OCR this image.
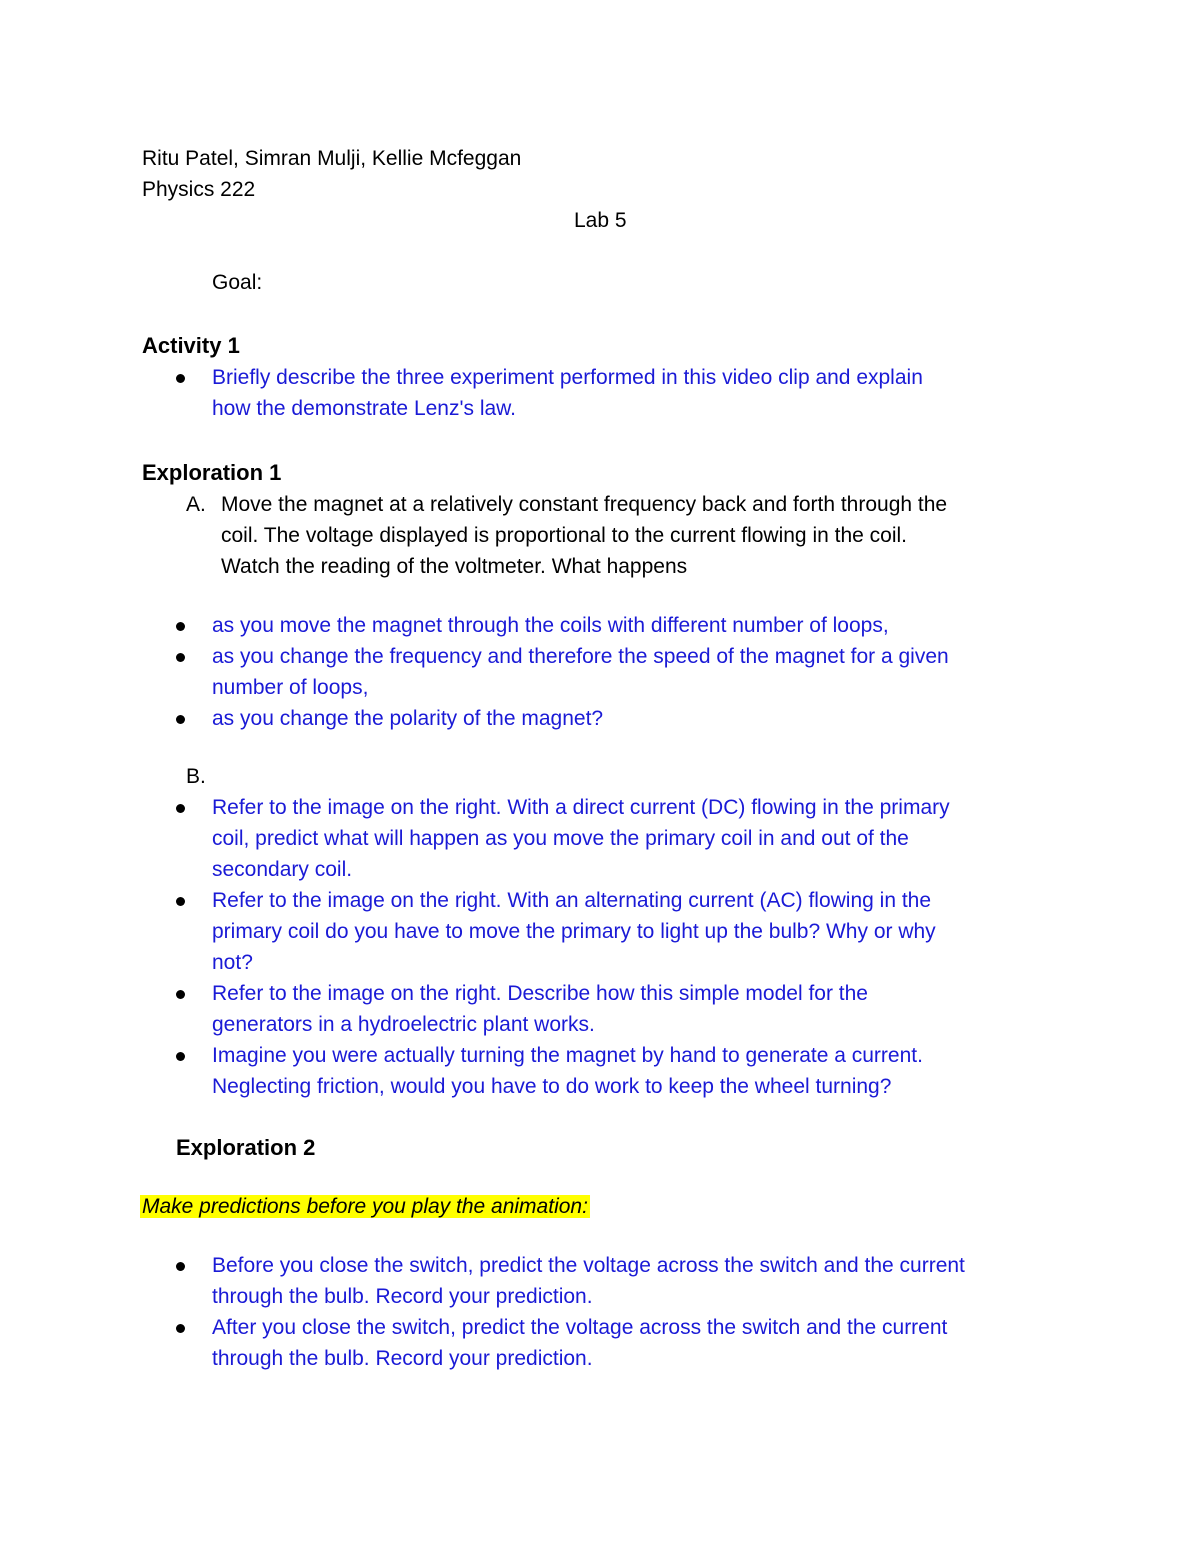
Ritu Patel, Simran Mulji, Kellie Mcfeggan
Physics 222
Lab 5
Goal:
Activity 1
Briefly describe the three experiment performed in this video clip and explain
how the demonstrate Lenz's law.
Exploration 1
A. Move the magnet at a relatively constant frequency back and forth through the
coil. The voltage displayed is proportional to the current flowing in the coil.
Watch the reading of the voltmeter. What happens
as you move the magnet through the coils with different number of loops,
as you change the frequency and therefore the speed of the magnet for a given
number of loops,
as you change the polarity of the magnet?
B.
Refer to the image on the right. With a direct current (DC) flowing in the primary
coil, predict what will happen as you move the primary coil in and out of the
secondary coil.
Refer to the image on the right. With an alternating current (AC) flowing in the
primary coil do you have to move the primary to light up the bulb? Why or why
not?
Refer to the image on the right. Describe how this simple model for the
generators in a hydroelectric plant works.
Imagine you were actually turning the magnet by hand to generate a current.
Neglecting friction, would you have to do work to keep the wheel turning?
Exploration 2
Make predictions before you play the animation:
Before you close the switch, predict the voltage across the switch and the current
through the bulb. Record your prediction.
After you close the switch, predict the voltage across the switch and the current
through the bulb. Record your prediction.
